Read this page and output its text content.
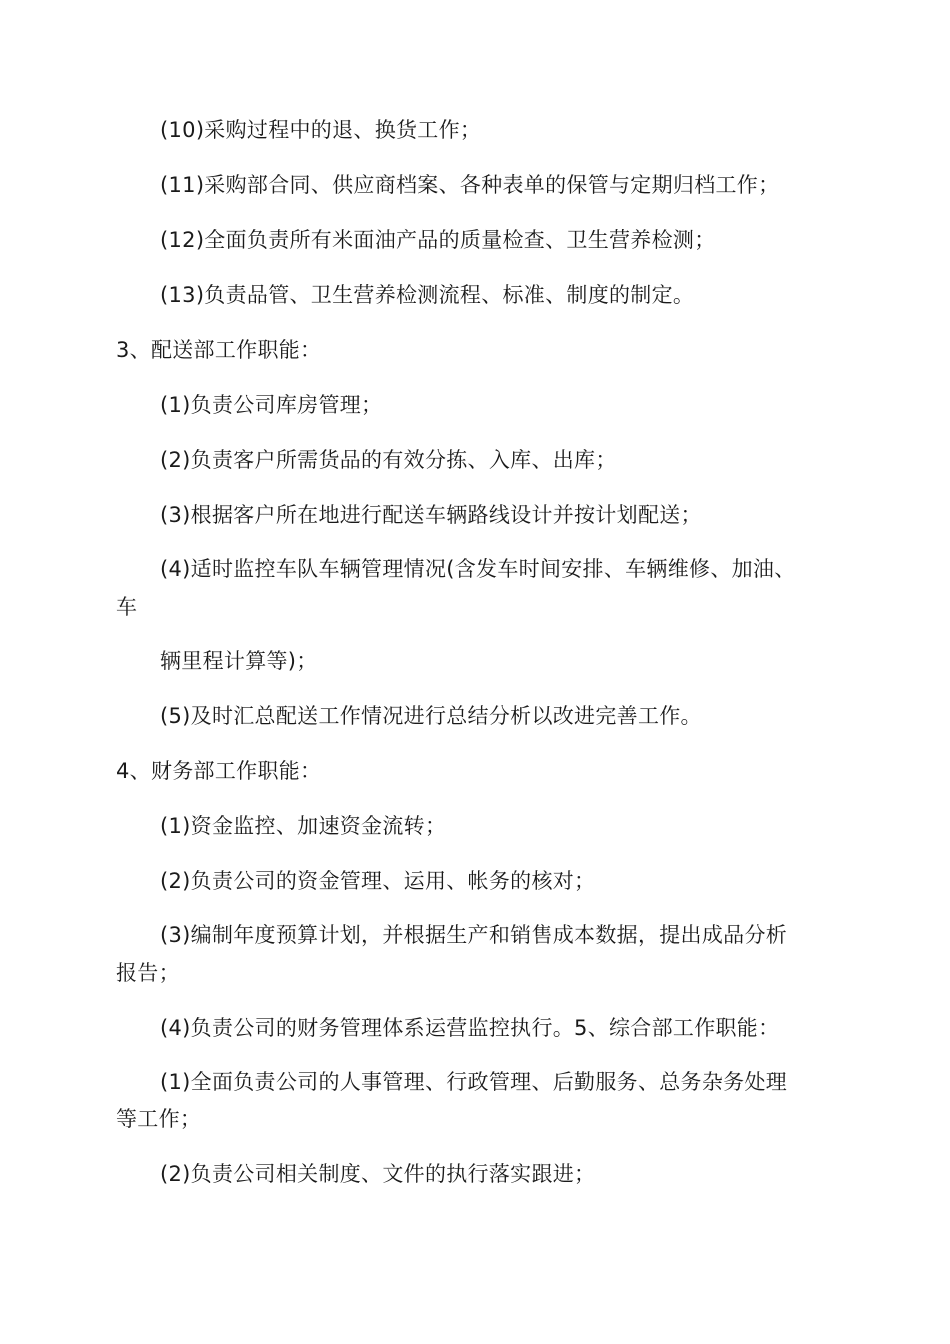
(10)采购过程中的退、换货工作；
(11)采购部合同、供应商档案、各种表单的保管与定期归档工作；
(12)全面负责所有米面油产品的质量检查、卫生营养检测；
(13)负责品管、卫生营养检测流程、标准、制度的制定。
3、配送部工作职能：
(1)负责公司库房管理；
(2)负责客户所需货品的有效分拣、入库、出库；
(3)根据客户所在地进行配送车辆路线设计并按计划配送；
(4)适时监控车队车辆管理情况(含发车时间安排、车辆维修、加油、
车
辆里程计算等)；
(5)及时汇总配送工作情况进行总结分析以改进完善工作。
4、财务部工作职能：
(1)资金监控、加速资金流转；
(2)负责公司的资金管理、运用、帐务的核对；
(3)编制年度预算计划，并根据生产和销售成本数据，提出成品分析
报告；
(4)负责公司的财务管理体系运营监控执行。5、综合部工作职能：
(1)全面负责公司的人事管理、行政管理、后勤服务、总务杂务处理
等工作；
(2)负责公司相关制度、文件的执行落实跟进；
